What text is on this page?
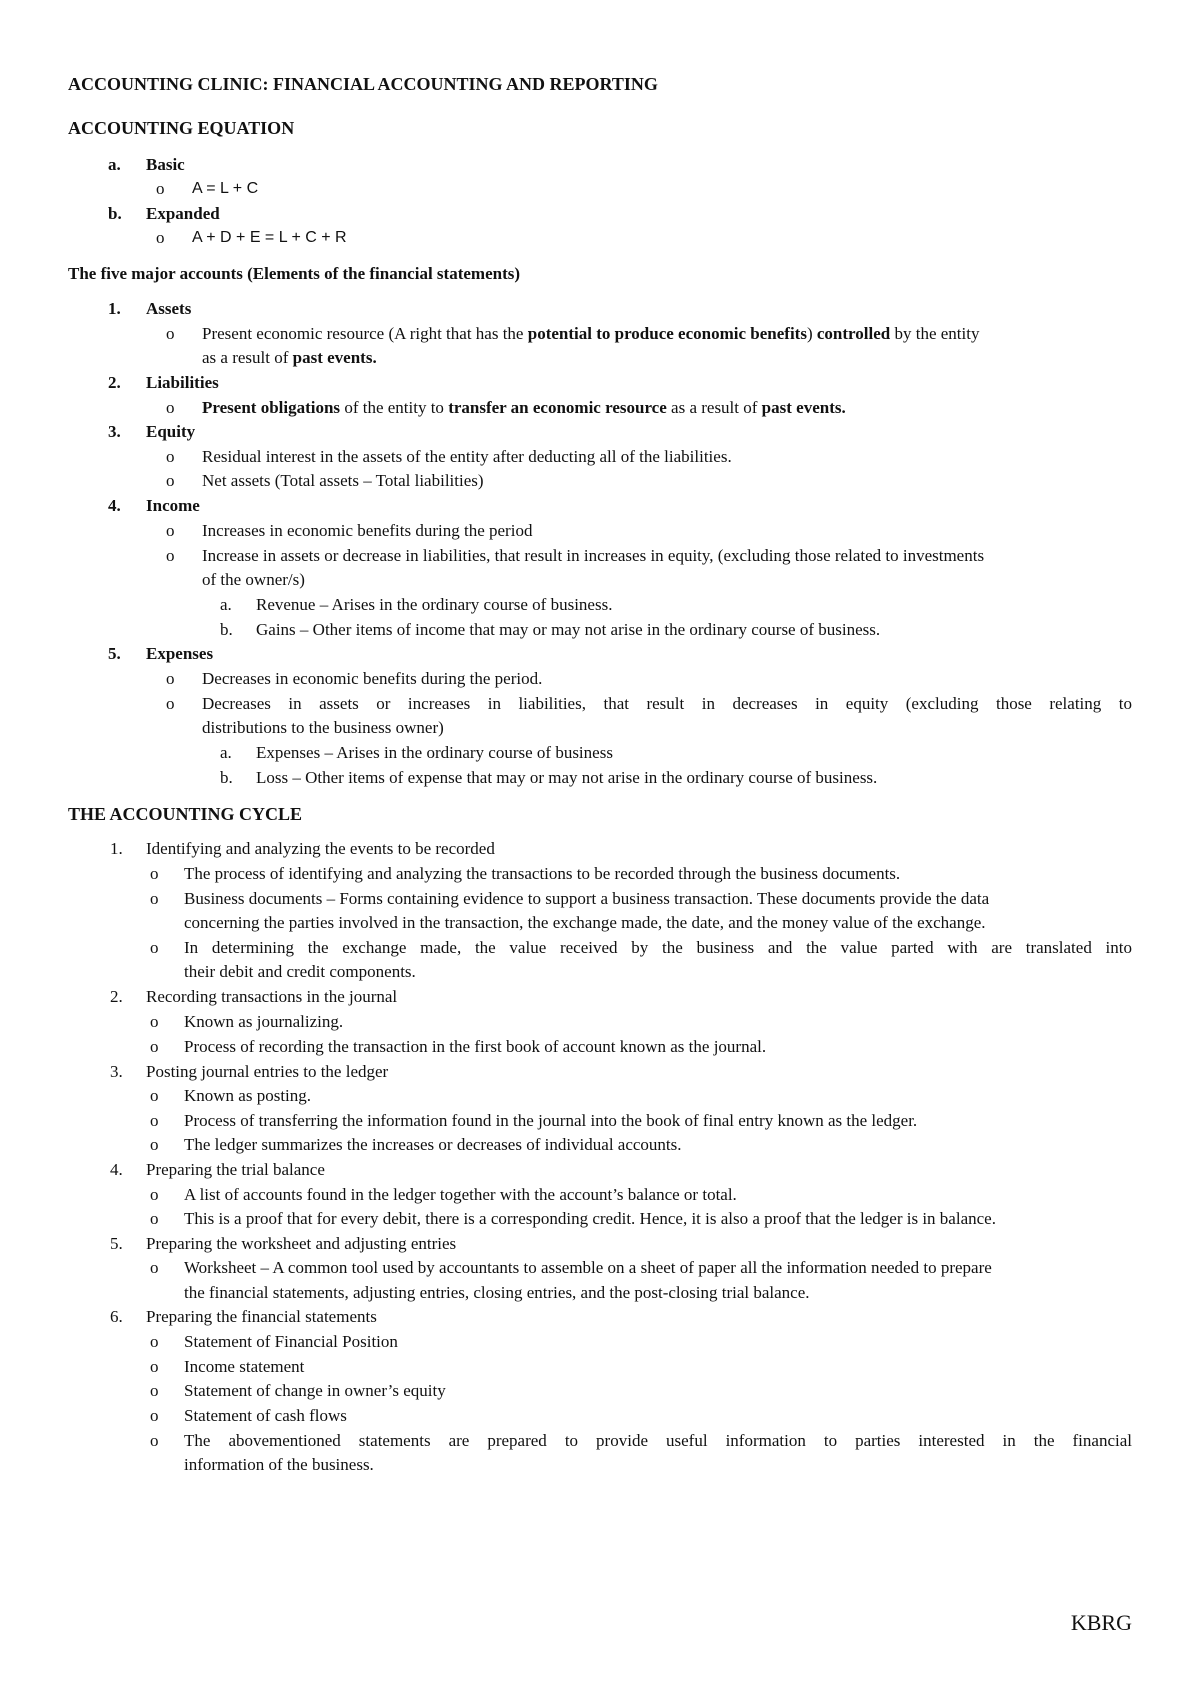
ACCOUNTING CLINIC: FINANCIAL ACCOUNTING AND REPORTING
ACCOUNTING EQUATION
a. Basic
o A = L + C
b. Expanded
o A + D + E = L + C + R
The five major accounts (Elements of the financial statements)
1. Assets
o Present economic resource (A right that has the potential to produce economic benefits) controlled by the entity
as a result of past events.
2. Liabilities
o Present obligations of the entity to transfer an economic resource as a result of past events.
3. Equity
o Residual interest in the assets of the entity after deducting all of the liabilities.
o Net assets (Total assets – Total liabilities)
4. Income
o Increases in economic benefits during the period
o Increase in assets or decrease in liabilities, that result in increases in equity, (excluding those related to investments
of the owner/s)
a. Revenue – Arises in the ordinary course of business.
b. Gains – Other items of income that may or may not arise in the ordinary course of business.
5. Expenses
o Decreases in economic benefits during the period.
o Decreases in assets or increases in liabilities, that result in decreases in equity (excluding those relating to
distributions to the business owner)
a. Expenses – Arises in the ordinary course of business
b. Loss – Other items of expense that may or may not arise in the ordinary course of business.
THE ACCOUNTING CYCLE
1. Identifying and analyzing the events to be recorded
o The process of identifying and analyzing the transactions to be recorded through the business documents.
o Business documents – Forms containing evidence to support a business transaction. These documents provide the data
concerning the parties involved in the transaction, the exchange made, the date, and the money value of the exchange.
o In determining the exchange made, the value received by the business and the value parted with are translated into
their debit and credit components.
2. Recording transactions in the journal
o Known as journalizing.
o Process of recording the transaction in the first book of account known as the journal.
3. Posting journal entries to the ledger
o Known as posting.
o Process of transferring the information found in the journal into the book of final entry known as the ledger.
o The ledger summarizes the increases or decreases of individual accounts.
4. Preparing the trial balance
o A list of accounts found in the ledger together with the account’s balance or total.
o This is a proof that for every debit, there is a corresponding credit. Hence, it is also a proof that the ledger is in balance.
5. Preparing the worksheet and adjusting entries
o Worksheet – A common tool used by accountants to assemble on a sheet of paper all the information needed to prepare
the financial statements, adjusting entries, closing entries, and the post-closing trial balance.
6. Preparing the financial statements
o Statement of Financial Position
o Income statement
o Statement of change in owner’s equity
o Statement of cash flows
o The abovementioned statements are prepared to provide useful information to parties interested in the financial
information of the business.
KBRG
